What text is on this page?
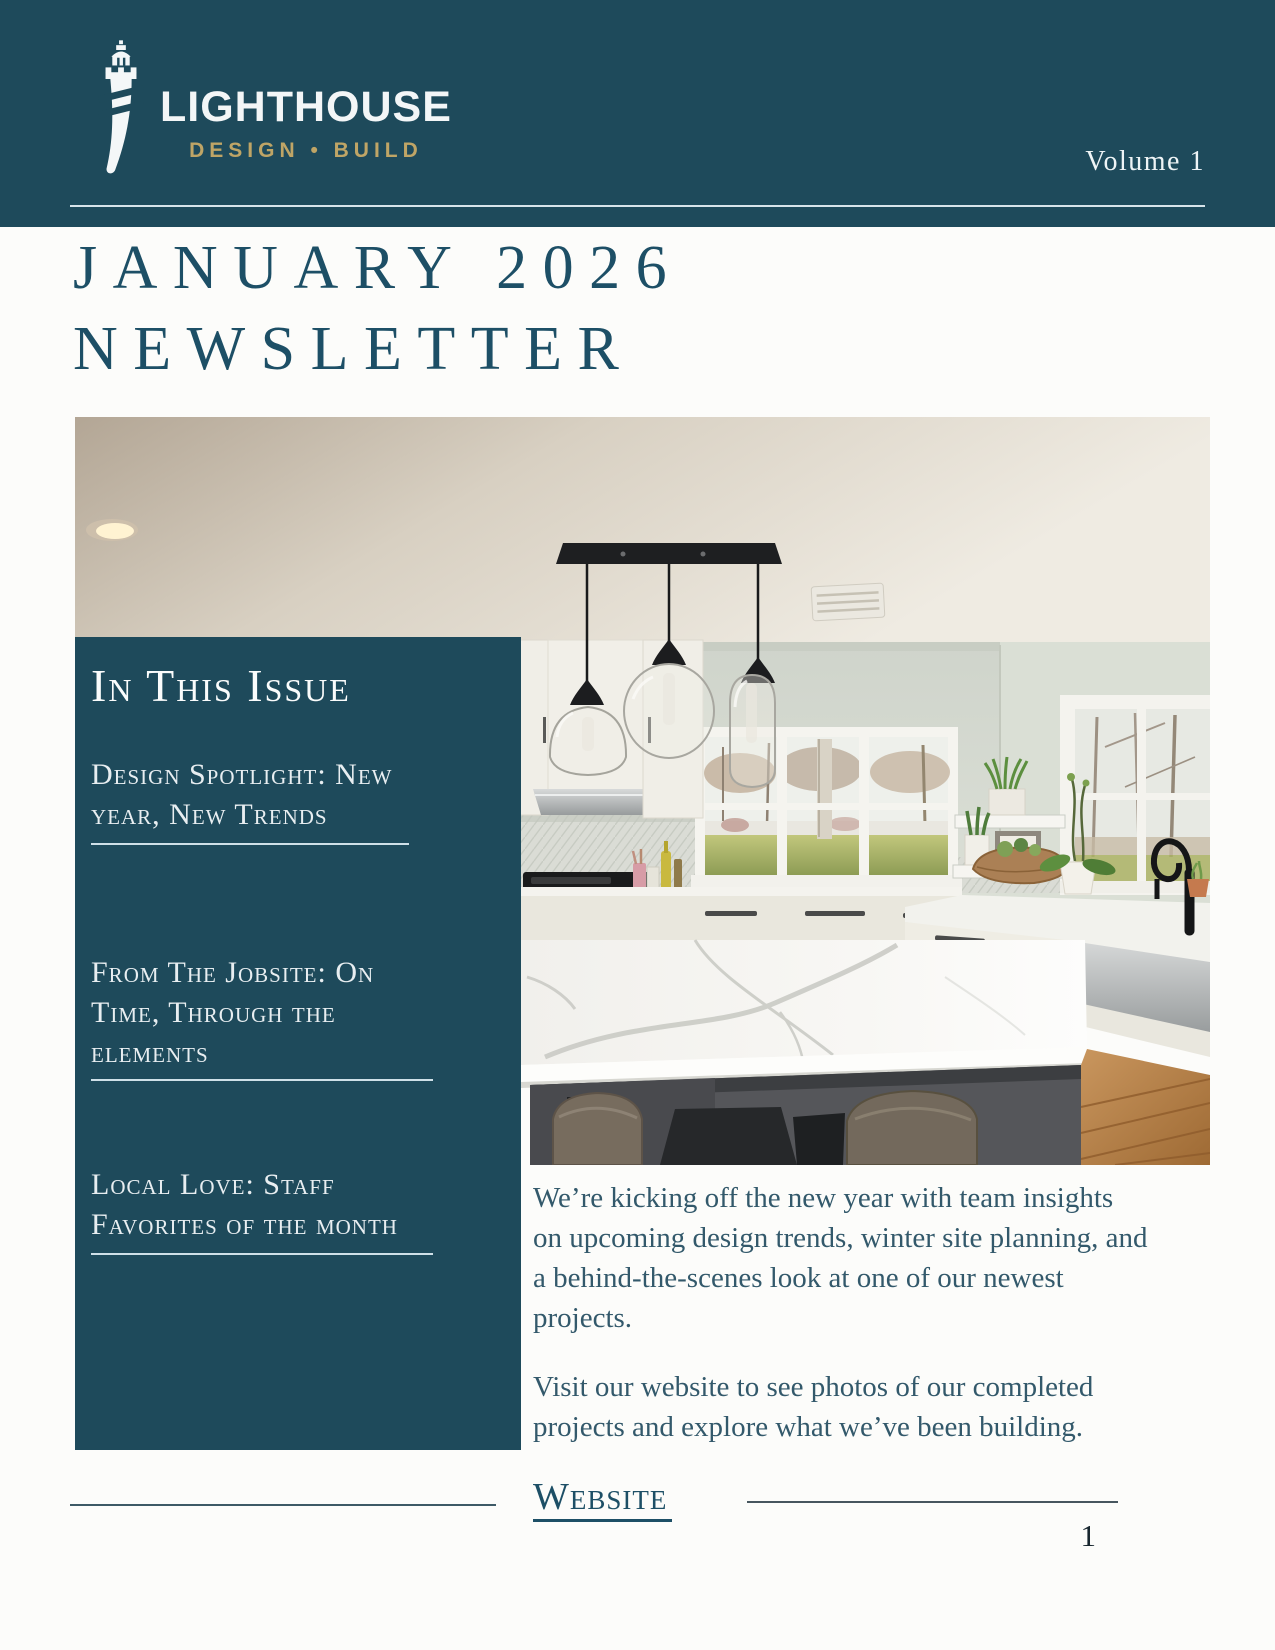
LIGHTHOUSE
DESIGN • BUILD	Volume 1
JANUARY 2026
NEWSLETTER
In This Issue
Design Spotlight: New year, New Trends
From The Jobsite: On Time, Through the elements
Local Love: Staff Favorites of the month

We’re kicking off the new year with team insights on upcoming design trends, winter site planning, and a behind-the-scenes look at one of our newest projects.

Visit our website to see photos of our completed projects and explore what we’ve been building.

Website
1
